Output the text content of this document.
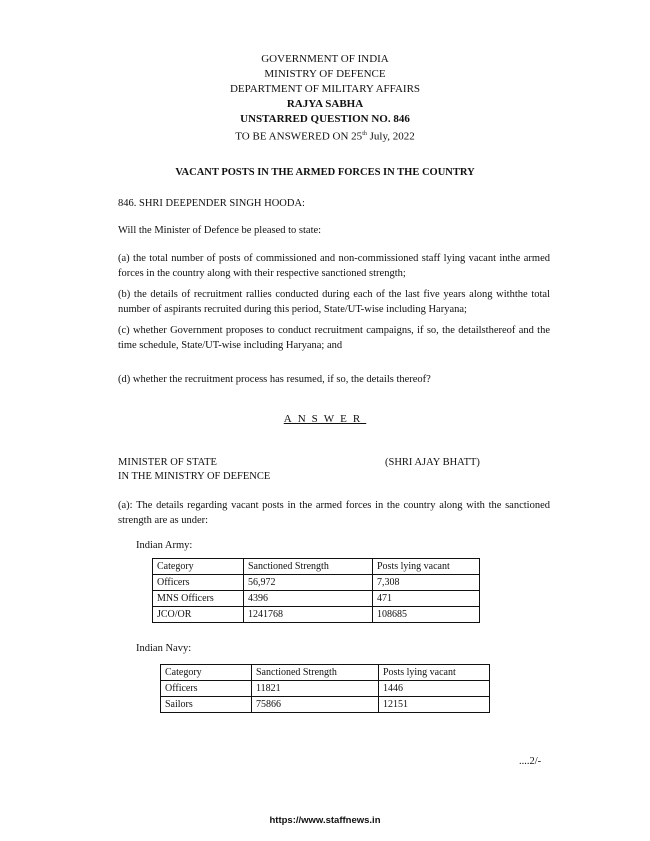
GOVERNMENT OF INDIA
MINISTRY OF DEFENCE
DEPARTMENT OF MILITARY AFFAIRS
RAJYA SABHA
UNSTARRED QUESTION NO. 846
TO BE ANSWERED ON 25th July, 2022
VACANT POSTS IN THE ARMED FORCES IN THE COUNTRY
846. SHRI DEEPENDER SINGH HOODA:
Will the Minister of Defence be pleased to state:
(a) the total number of posts of commissioned and non-commissioned staff lying vacant inthe armed forces in the country along with their respective sanctioned strength;
(b) the details of recruitment rallies conducted during each of the last five years along withthe total number of aspirants recruited during this period, State/UT-wise including Haryana;
(c) whether Government proposes to conduct recruitment campaigns, if so, the detailsthereof and the time schedule, State/UT-wise including Haryana; and
(d) whether the recruitment process has resumed, if so, the details thereof?
ANSWER
MINISTER OF STATE
IN THE MINISTRY OF DEFENCE
(SHRI AJAY BHATT)
(a): The details regarding vacant posts in the armed forces in the country along with the sanctioned strength are as under:
Indian Army:
Category	Sanctioned Strength	Posts lying vacant
Officers	56,972	7,308
MNS Officers	4396	471
JCO/OR	1241768	108685
Indian Navy:
Category	Sanctioned Strength	Posts lying vacant
Officers	11821	1446
Sailors	75866	12151
....2/-
https://www.staffnews.in
